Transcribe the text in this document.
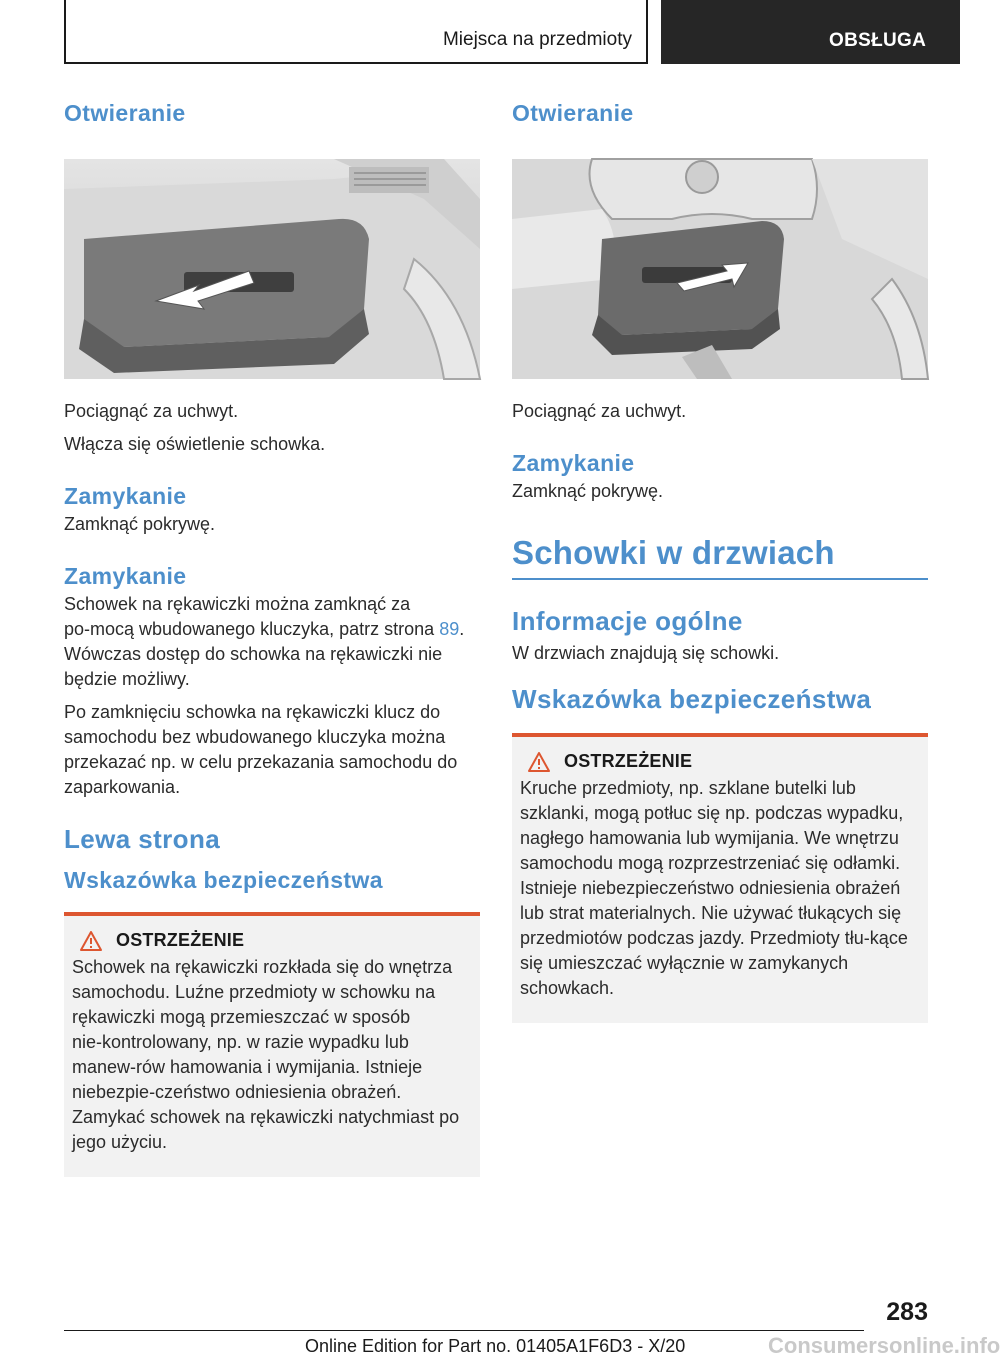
Miejsca na przedmioty	OBSŁUGA
Otwieranie

Pociągnąć za uchwyt.

Włącza się oświetlenie schowka.

Zamykanie

Zamknąć pokrywę.

Zamykanie

Schowek na rękawiczki można zamknąć za po‑mocą wbudowanego kluczyka, patrz strona 89. Wówczas dostęp do schowka na rękawiczki nie będzie możliwy.

Po zamknięciu schowka na rękawiczki klucz do samochodu bez wbudowanego kluczyka można przekazać np. w celu przekazania samochodu do zaparkowania.

Lewa strona
Wskazówka bezpieczeństwa
OSTRZEŻENIE

Schowek na rękawiczki rozkłada się do wnętrza samochodu. Luźne przedmioty w schowku na rękawiczki mogą przemieszczać w sposób nie‑kontrolowany, np. w razie wypadku lub manew‑rów hamowania i wymijania. Istnieje niebezpie‑czeństwo odniesienia obrażeń. Zamykać schowek na rękawiczki natychmiast po jego użyciu.

Otwieranie

Pociągnąć za uchwyt.

Zamykanie

Zamknąć pokrywę.

Schowki w drzwiach
Informacje ogólne

W drzwiach znajdują się schowki.

Wskazówka bezpieczeństwa
OSTRZEŻENIE

Kruche przedmioty, np. szklane butelki lub szklanki, mogą potłuc się np. podczas wypadku, nagłego hamowania lub wymijania. We wnętrzu samochodu mogą rozprzestrzeniać się odłamki. Istnieje niebezpieczeństwo odniesienia obrażeń lub strat materialnych. Nie używać tłukących się przedmiotów podczas jazdy. Przedmioty tłu‑kące się umieszczać wyłącznie w zamykanych schowkach.

283
Online Edition for Part no. 01405A1F6D3 - X/20	Consumersonline.info
